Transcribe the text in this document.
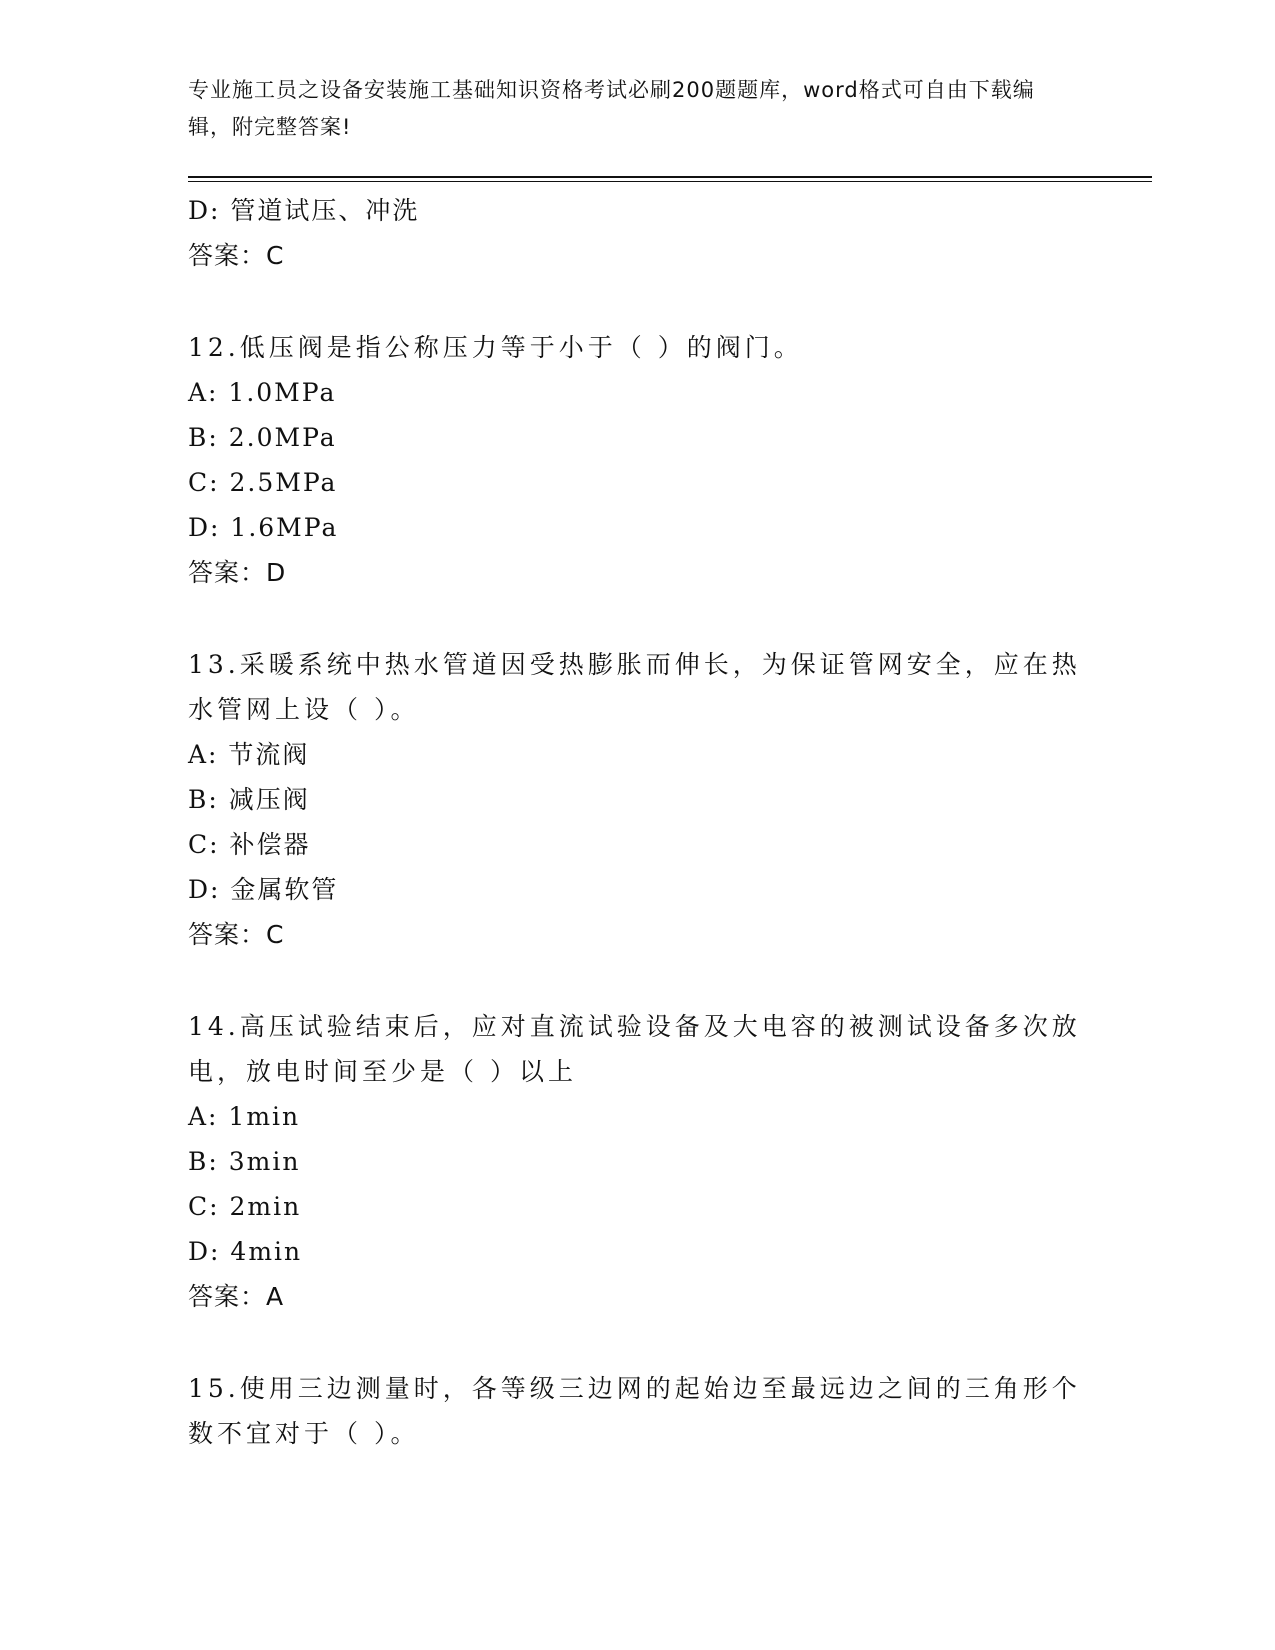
专业施工员之设备安装施工基础知识资格考试必刷200题题库，word格式可自由下载编辑，附完整答案!
D: 管道试压、冲洗
答案：C
12.低压阀是指公称压力等于小于（ ）的阀门。
A: 1.0MPa
B: 2.0MPa
C: 2.5MPa
D: 1.6MPa
答案：D
13.采暖系统中热水管道因受热膨胀而伸长，为保证管网安全，应在热水管网上设（ ）。
A: 节流阀
B: 减压阀
C: 补偿器
D: 金属软管
答案：C
14.高压试验结束后，应对直流试验设备及大电容的被测试设备多次放电，放电时间至少是（ ）以上
A: 1min
B: 3min
C: 2min
D: 4min
答案：A
15.使用三边测量时，各等级三边网的起始边至最远边之间的三角形个数不宜对于（ ）。
